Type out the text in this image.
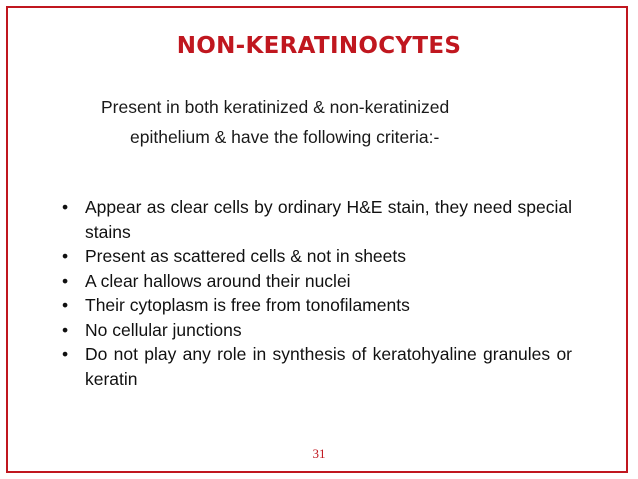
NON-KERATINOCYTES

Present in both keratinized & non-keratinized

epithelium & have the following criteria:-

• Appear as clear cells by ordinary H&E stain, they need special stains
• Present as scattered cells & not in sheets
• A clear hallows around their nuclei
• Their cytoplasm is free from tonofilaments
• No cellular junctions
• Do not play any role in synthesis of keratohyaline granules or keratin
31
